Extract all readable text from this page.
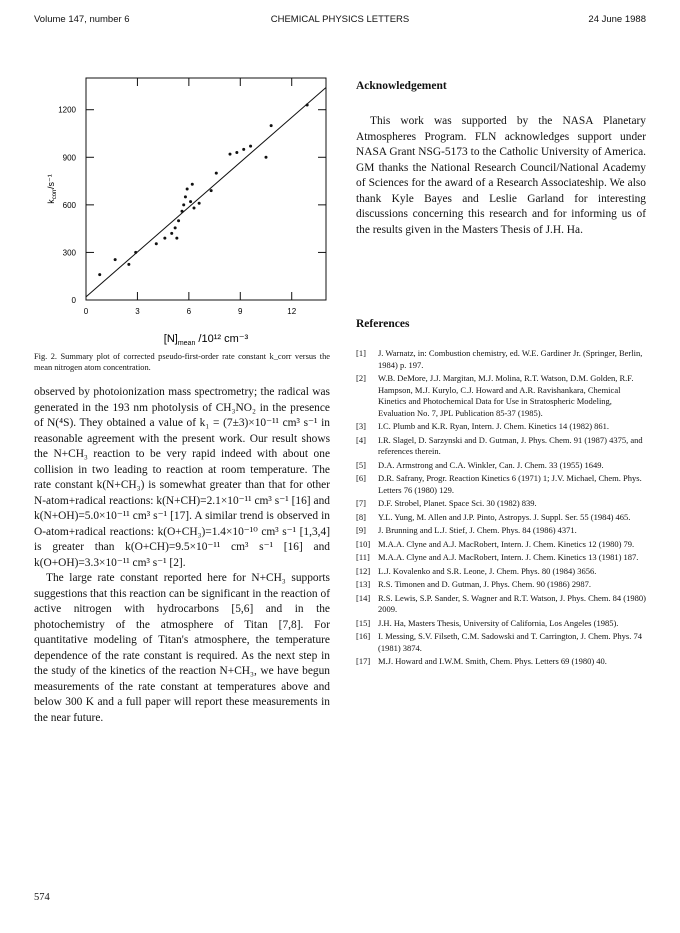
Volume 147, number 6	CHEMICAL PHYSICS LETTERS	24 June 1988
0	3	6	9	12
0
300
600
900
1200
$k_{corr}/s^{-1}$
$[N]_{mean}$ /10¹² cm⁻³
Fig. 2. Summary plot of corrected pseudo-first-order rate constant k_corr versus the mean nitrogen atom concentration.

observed by photoionization mass spectrometry; the radical was generated in the 193 nm photolysis of CH₃NO₂ in the presence of N(⁴S). They obtained a value of k₁ = (7±3)×10⁻¹¹ cm³ s⁻¹ in reasonable agreement with the present work. Our result shows the N+CH₃ reaction to be very rapid indeed with about one collision in two leading to reaction at room temperature. The rate constant k(N+CH₃) is somewhat greater than that for other N-atom+radical reactions: k(N+CH)=2.1×10⁻¹¹ cm³ s⁻¹ [16] and k(N+OH)=5.0×10⁻¹¹ cm³ s⁻¹ [17]. A similar trend is observed in O-atom+radical reactions: k(O+CH₃)=1.4×10⁻¹⁰ cm³ s⁻¹ [1,3,4] is greater than k(O+CH)=9.5×10⁻¹¹ cm³ s⁻¹ [16] and k(O+OH)=3.3×10⁻¹¹ cm³ s⁻¹ [2].

The large rate constant reported here for N+CH₃ supports suggestions that this reaction can be significant in the reaction of active nitrogen with hydrocarbons [5,6] and in the photochemistry of the atmosphere of Titan [7,8]. For quantitative modeling of Titan's atmosphere, the temperature dependence of the rate constant is required. As the next step in the study of the kinetics of the reaction N+CH₃, we have begun measurements of the rate constant at temperatures above and below 300 K and a full paper will report these measurements in the near future.

Acknowledgement
This work was supported by the NASA Planetary Atmospheres Program. FLN acknowledges support under NASA Grant NSG-5173 to the Catholic University of America. GM thanks the National Research Council/National Academy of Sciences for the award of a Research Associateship. We also thank Kyle Bayes and Leslie Garland for interesting discussions concerning this research and for informing us of the results given in the Masters Thesis of J.H. Ha.
References
[1] J. Warnatz, in: Combustion chemistry, ed. W.E. Gardiner Jr. (Springer, Berlin, 1984) p. 197.
[2] W.B. DeMore, J.J. Margitan, M.J. Molina, R.T. Watson, D.M. Golden, R.F. Hampson, M.J. Kurylo, C.J. Howard and A.R. Ravishankara, Chemical Kinetics and Photochemical Data for Use in Stratospheric Modeling, Evaluation No. 7, JPL Publication 85-37 (1985).
[3] I.C. Plumb and K.R. Ryan, Intern. J. Chem. Kinetics 14 (1982) 861.
[4] I.R. Slagel, D. Sarzynski and D. Gutman, J. Phys. Chem. 91 (1987) 4375, and references therein.
[5] D.A. Armstrong and C.A. Winkler, Can. J. Chem. 33 (1955) 1649.
[6] D.R. Safrany, Progr. Reaction Kinetics 6 (1971) 1; J.V. Michael, Chem. Phys. Letters 76 (1980) 129.
[7] D.F. Strobel, Planet. Space Sci. 30 (1982) 839.
[8] Y.L. Yung, M. Allen and J.P. Pinto, Astropys. J. Suppl. Ser. 55 (1984) 465.
[9] J. Brunning and L.J. Stief, J. Chem. Phys. 84 (1986) 4371.
[10] M.A.A. Clyne and A.J. MacRobert, Intern. J. Chem. Kinetics 12 (1980) 79.
[11] M.A.A. Clyne and A.J. MacRobert, Intern. J. Chem. Kinetics 13 (1981) 187.
[12] L.J. Kovalenko and S.R. Leone, J. Chem. Phys. 80 (1984) 3656.
[13] R.S. Timonen and D. Gutman, J. Phys. Chem. 90 (1986) 2987.
[14] R.S. Lewis, S.P. Sander, S. Wagner and R.T. Watson, J. Phys. Chem. 84 (1980) 2009.
[15] J.H. Ha, Masters Thesis, University of California, Los Angeles (1985).
[16] I. Messing, S.V. Filseth, C.M. Sadowski and T. Carrington, J. Chem. Phys. 74 (1981) 3874.
[17] M.J. Howard and I.W.M. Smith, Chem. Phys. Letters 69 (1980) 40.
574
